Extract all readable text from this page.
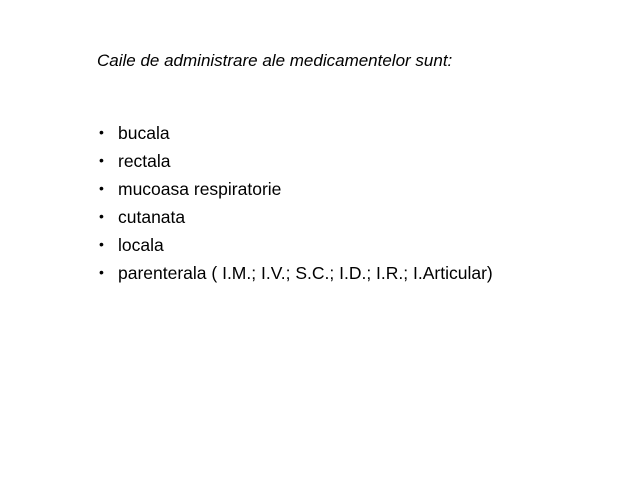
Caile de administrare ale medicamentelor sunt:
• bucala
• rectala
• mucoasa respiratorie
• cutanata
• locala
• parenterala ( I.M.; I.V.; S.C.; I.D.; I.R.; I.Articular)
